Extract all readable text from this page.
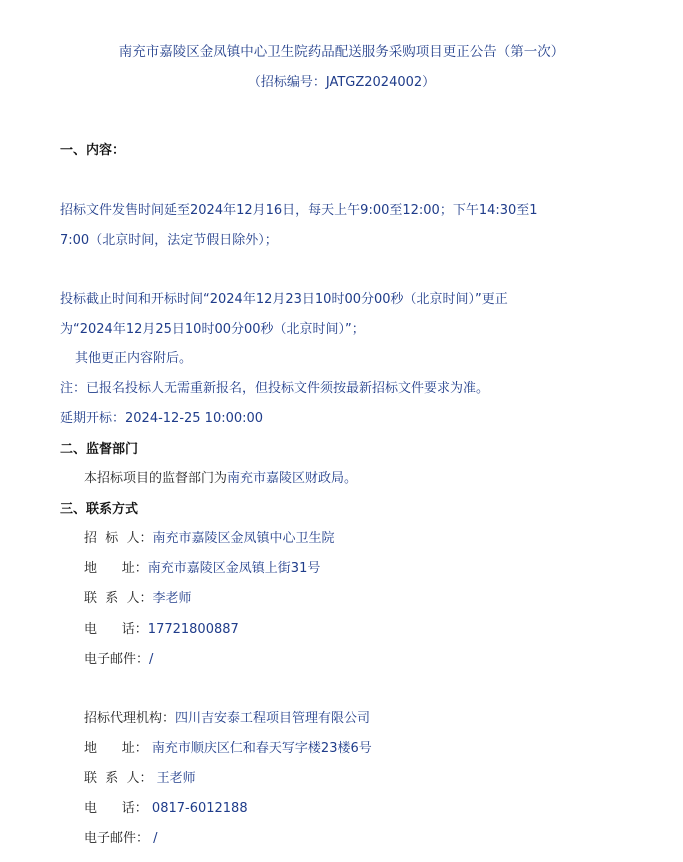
南充市嘉陵区金凤镇中心卫生院药品配送服务采购项目更正公告（第一次）
（招标编号：JATGZ2024002）
一、内容：
招标文件发售时间延至2024年12月16日，每天上午9:00至12:00；下午14:30至1
7:00（北京时间，法定节假日除外）；
投标截止时间和开标时间“2024年12月23日10时00分00秒（北京时间）”更正
为“2024年12月25日10时00分00秒（北京时间）”；
其他更正内容附后。
注：已报名投标人无需重新报名，但投标文件须按最新招标文件要求为准。
延期开标：2024-12-25 10:00:00
二、监督部门
本招标项目的监督部门为南充市嘉陵区财政局。
三、联系方式
招  标  人：南充市嘉陵区金凤镇中心卫生院
地      址：南充市嘉陵区金凤镇上街31号
联  系  人：李老师
电      话：17721800887
电子邮件：/
招标代理机构：四川吉安泰工程项目管理有限公司
地      址： 南充市顺庆区仁和春天写字楼23楼6号
联  系  人： 王老师
电      话： 0817-6012188
电子邮件： /
